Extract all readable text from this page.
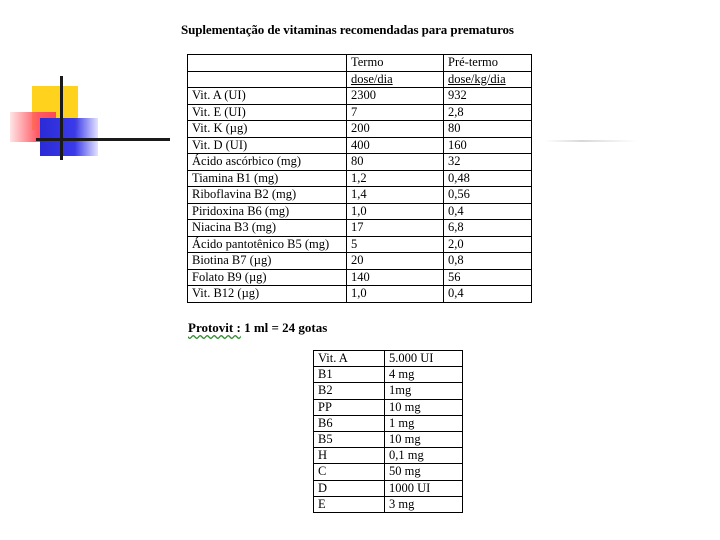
Suplementação de vitaminas recomendadas para prematuros
	Termo	Pré-termo
	dose/dia	dose/kg/dia
Vit. A (UI)	2300	932
Vit. E (UI)	7	2,8
Vit. K (µg)	200	80
Vit. D (UI)	400	160
Ácido ascórbico (mg)	80	32
Tiamina B1 (mg)	1,2	0,48
Riboflavina B2 (mg)	1,4	0,56
Piridoxina B6 (mg)	1,0	0,4
Niacina B3 (mg)	17	6,8
Ácido pantotênico B5 (mg)	5	2,0
Biotina B7 (µg)	20	0,8
Folato B9 (µg)	140	56
Vit. B12 (µg)	1,0	0,4
Protovit : 1 ml = 24 gotas
Vit. A	5.000 UI
B1	4 mg
B2	1mg
PP	10 mg
B6	1 mg
B5	10 mg
H	0,1 mg
C	50 mg
D	1000 UI
E	3 mg
